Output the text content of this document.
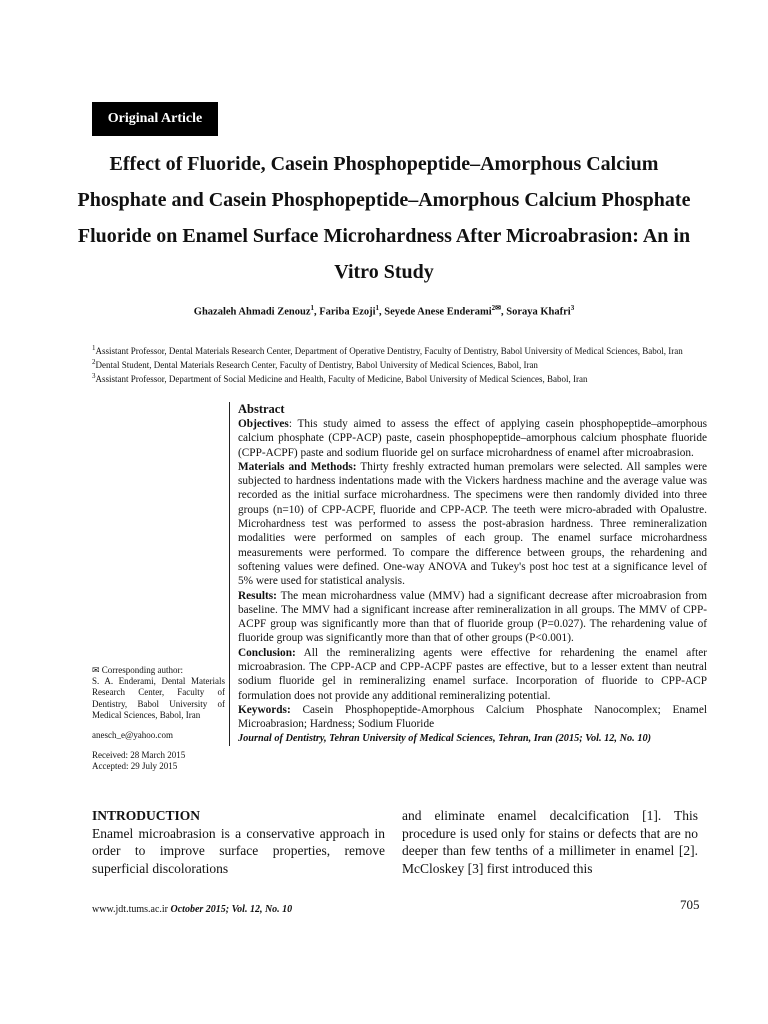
Original Article
Effect of Fluoride, Casein Phosphopeptide–Amorphous Calcium Phosphate and Casein Phosphopeptide–Amorphous Calcium Phosphate Fluoride on Enamel Surface Microhardness After Microabrasion: An in Vitro Study
Ghazaleh Ahmadi Zenouz$^1$, Fariba Ezoji$^1$, Seyede Anese Enderami$^{2✉}$, Soraya Khafri$^3$

$^1$Assistant Professor, Dental Materials Research Center, Department of Operative Dentistry, Faculty of Dentistry, Babol University of Medical Sciences, Babol, Iran

$^2$Dental Student, Dental Materials Research Center, Faculty of Dentistry, Babol University of Medical Sciences, Babol, Iran

$^3$Assistant Professor, Department of Social Medicine and Health, Faculty of Medicine, Babol University of Medical Sciences, Babol, Iran

Abstract

Objectives: This study aimed to assess the effect of applying casein phosphopeptide–amorphous calcium phosphate (CPP-ACP) paste, casein phosphopeptide–amorphous calcium phosphate fluoride (CPP-ACPF) paste and sodium fluoride gel on surface microhardness of enamel after microabrasion.

Materials and Methods: Thirty freshly extracted human premolars were selected. All samples were subjected to hardness indentations made with the Vickers hardness machine and the average value was recorded as the initial surface microhardness. The specimens were then randomly divided into three groups (n=10) of CPP-ACPF, fluoride and CPP-ACP. The teeth were micro-abraded with Opalustre. Microhardness test was performed to assess the post-abrasion hardness. Three remineralization modalities were performed on samples of each group. The enamel surface microhardness measurements were performed. To compare the difference between groups, the rehardening and softening values were defined. One-way ANOVA and Tukey's post hoc test at a significance level of 5% were used for statistical analysis.

Results: The mean microhardness value (MMV) had a significant decrease after microabrasion from baseline. The MMV had a significant increase after remineralization in all groups. The MMV of CPP-ACPF group was significantly more than that of fluoride group (P=0.027). The rehardening value of fluoride group was significantly more than that of other groups (P<0.001).

Conclusion: All the remineralizing agents were effective for rehardening the enamel after microabrasion. The CPP-ACP and CPP-ACPF pastes are effective, but to a lesser extent than neutral sodium fluoride gel in remineralizing enamel surface. Incorporation of fluoride to CPP-ACP formulation does not provide any additional remineralizing potential.

Keywords: Casein Phosphopeptide-Amorphous Calcium Phosphate Nanocomplex; Enamel Microabrasion; Hardness; Sodium Fluoride

Journal of Dentistry, Tehran University of Medical Sciences, Tehran, Iran (2015; Vol. 12, No. 10)

✉ Corresponding author:

S. A. Enderami, Dental Materials Research Center, Faculty of Dentistry, Babol University of Medical Sciences, Babol, Iran

anesch_e@yahoo.com

Received: 28 March 2015

Accepted: 29 July 2015

INTRODUCTION

Enamel microabrasion is a conservative approach in order to improve surface properties, remove superficial discolorations

and eliminate enamel decalcification [1]. This procedure is used only for stains or defects that are no deeper than few tenths of a millimeter in enamel [2]. McCloskey [3] first introduced this

www.jdt.tums.ac.ir October 2015; Vol. 12, No. 10	705
